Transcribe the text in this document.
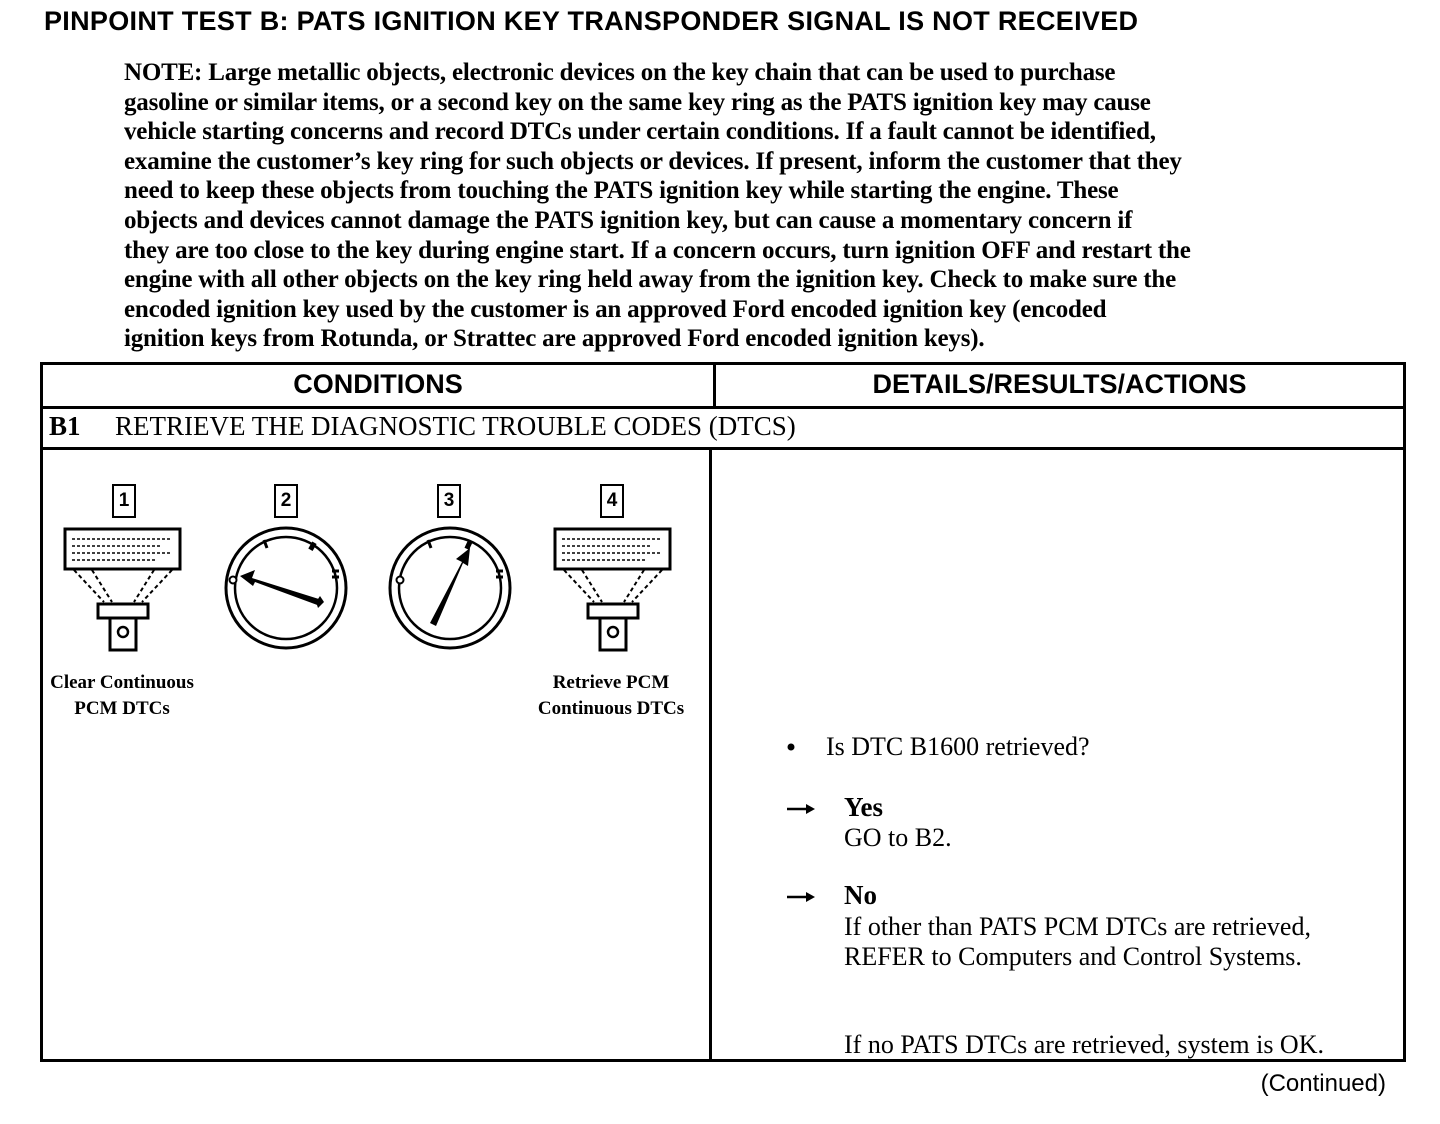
PINPOINT TEST B: PATS IGNITION KEY TRANSPONDER SIGNAL IS NOT RECEIVED
NOTE: Large metallic objects, electronic devices on the key chain that can be used to purchase
gasoline or similar items, or a second key on the same key ring as the PATS ignition key may cause
vehicle starting concerns and record DTCs under certain conditions. If a fault cannot be identified,
examine the customer’s key ring for such objects or devices. If present, inform the customer that they
need to keep these objects from touching the PATS ignition key while starting the engine. These
objects and devices cannot damage the PATS ignition key, but can cause a momentary concern if
they are too close to the key during engine start. If a concern occurs, turn ignition OFF and restart the
engine with all other objects on the key ring held away from the ignition key. Check to make sure the
encoded ignition key used by the customer is an approved Ford encoded ignition key (encoded
ignition keys from Rotunda, or Strattec are approved Ford encoded ignition keys).
CONDITIONS	DETAILS/RESULTS/ACTIONS
B1 RETRIEVE THE DIAGNOSTIC TROUBLE CODES (DTCS)
1	2	3	4
Clear Continuous
PCM DTCs
Retrieve PCM
Continuous DTCs
Is DTC B1600 retrieved?
Yes
GO to B2.
No
If other than PATS PCM DTCs are retrieved,
REFER to Computers and Control Systems.
If no PATS DTCs are retrieved, system is OK.
(Continued)
